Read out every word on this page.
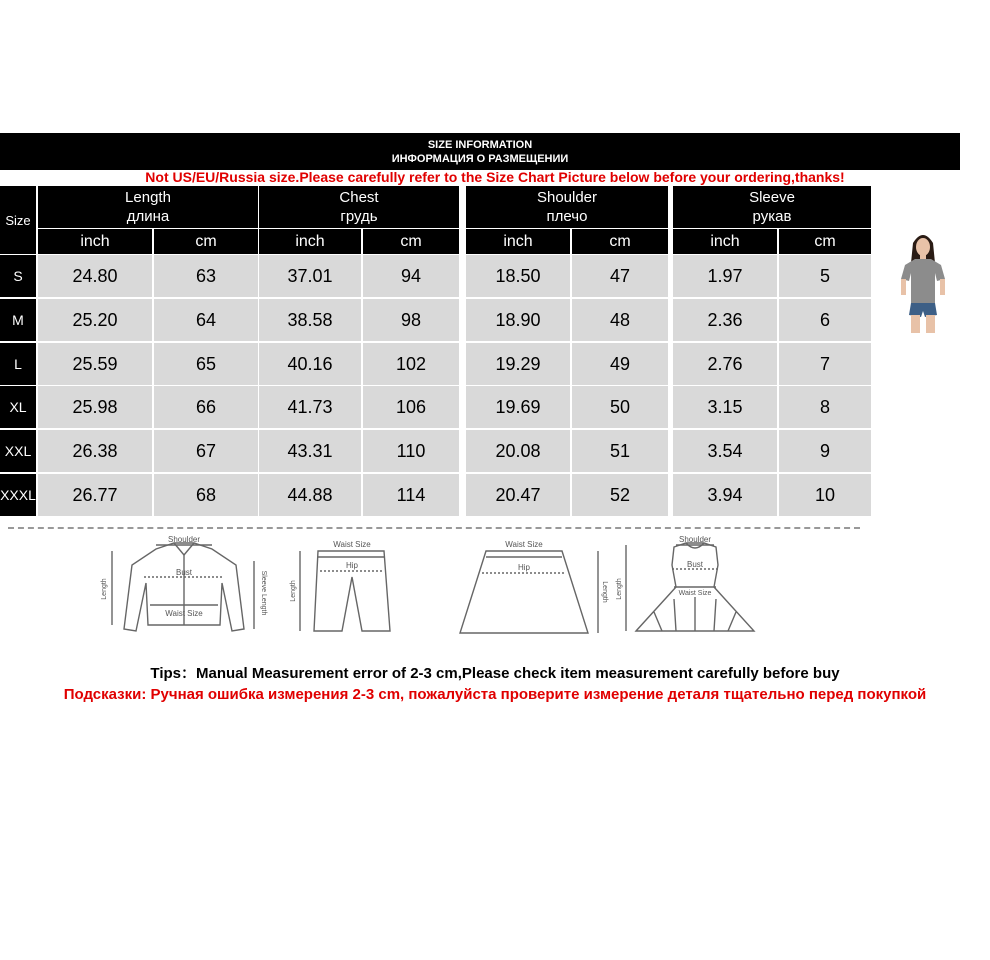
SIZE INFORMATION
ИНФОРМАЦИЯ О РАЗМЕЩЕНИИ
Not US/EU/Russia size.Please carefully refer to the Size Chart Picture below before your ordering,thanks!
Size
Length
длина
inch	cm
Chest
грудь
inch	cm
Shoulder
плечо
inch	cm
Sleeve
рукав
inch	cm
S	24.80	63	37.01	94	18.50	47	1.97	5
M	25.20	64	38.58	98	18.90	48	2.36	6
L	25.59	65	40.16	102	19.29	49	2.76	7
XL	25.98	66	41.73	106	19.69	50	3.15	8
XXL	26.38	67	43.31	110	20.08	51	3.54	9
XXXL	26.77	68	44.88	114	20.47	52	3.94	10
Shoulder
Bust
Waist Size
Length	Sleeve Length
Waist Size
Hip
Length
Waist Size
Hip
Length
Shoulder
Bust
Waist Size
Length
Tips：Manual Measurement error of 2-3 cm,Please check item measurement carefully before buy
Подсказки: Ручная ошибка измерения 2-3 cm, пожалуйста проверите измерение деталя тщательно перед покупкой
